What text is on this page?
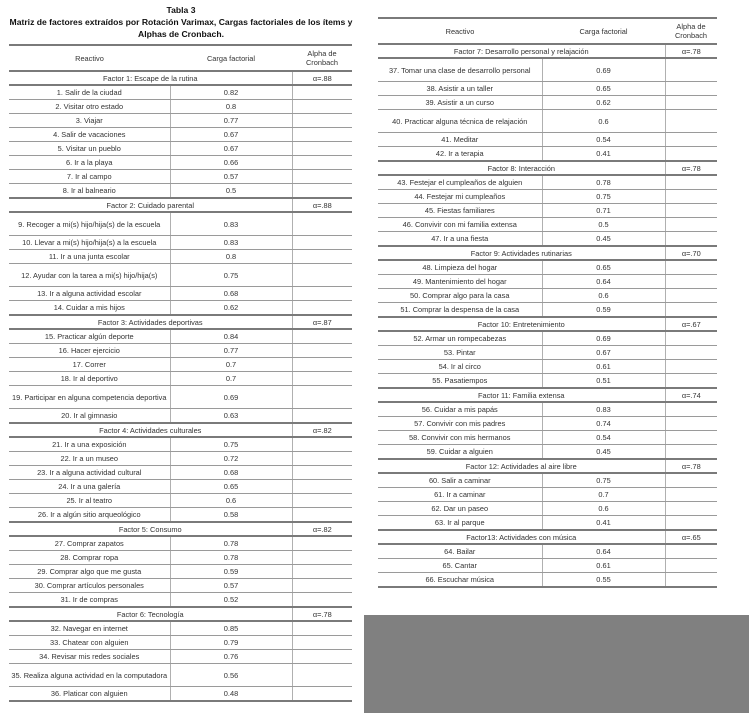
Tabla 3
Matriz de factores extraídos por Rotación Varimax, Cargas factoriales de los ítems y
Alphas de Cronbach.
Reactivo	Carga factorial	Alpha de Cronbach
Factor 1: Escape de la rutina		α=.88
1. Salir de la ciudad	0.82	
2. Visitar otro estado	0.8	
3. Viajar	0.77	
4. Salir de vacaciones	0.67	
5. Visitar un pueblo	0.67	
6. Ir a la playa	0.66	
7. Ir al campo	0.57	
8. Ir al balneario	0.5	
Factor 2: Cuidado parental		α=.88
9. Recoger a mi(s) hijo/hija(s) de la escuela	0.83	
10. Llevar a mi(s) hijo/hija(s) a la escuela	0.83	
11. Ir a una junta escolar	0.8	
12. Ayudar con la tarea a mi(s) hijo/hija(s)	0.75	
13. Ir a alguna actividad escolar	0.68	
14. Cuidar a mis hijos	0.62	
Factor 3: Actividades deportivas		α=.87
15. Practicar algún deporte	0.84	
16. Hacer ejercicio	0.77	
17. Correr	0.7	
18. Ir al deportivo	0.7	
19. Participar en alguna competencia deportiva	0.69	
20. Ir al gimnasio	0.63	
Factor 4: Actividades culturales		α=.82
21. Ir a una exposición	0.75	
22. Ir a un museo	0.72	
23. Ir a alguna actividad cultural	0.68	
24. Ir a una galería	0.65	
25. Ir al teatro	0.6	
26. Ir a algún sitio arqueológico	0.58	
Factor 5: Consumo		α=.82
27. Comprar zapatos	0.78	
28. Comprar ropa	0.78	
29. Comprar algo que me gusta	0.59	
30. Comprar artículos personales	0.57	
31. Ir de compras	0.52	
Factor 6: Tecnología		α=.78
32. Navegar en internet	0.85	
33. Chatear con alguien	0.79	
34. Revisar mis redes sociales	0.76	
35. Realiza alguna actividad en la computadora	0.56	
36. Platicar con alguien	0.48	
Reactivo	Carga factorial	Alpha de Cronbach
Factor 7: Desarrollo personal y relajación		α=.78
37. Tomar una clase de desarrollo personal	0.69	
38. Asistir a un taller	0.65	
39. Asistir a un curso	0.62	
40. Practicar alguna técnica de relajación	0.6	
41. Meditar	0.54	
42. Ir a terapia	0.41	
Factor 8: Interacción		α=.78
43. Festejar el cumpleaños de alguien	0.78	
44. Festejar mi cumpleaños	0.75	
45. Fiestas familiares	0.71	
46. Convivir con mi familia extensa	0.5	
47. Ir a una fiesta	0.45	
Factor 9: Actividades rutinarias		α=.70
48. Limpieza del hogar	0.65	
49. Mantenimiento del hogar	0.64	
50. Comprar algo para la casa	0.6	
51. Comprar la despensa de la casa	0.59	
Factor 10: Entretenimiento		α=.67
52. Armar un rompecabezas	0.69	
53. Pintar	0.67	
54. Ir al circo	0.61	
55. Pasatiempos	0.51	
Factor 11: Familia extensa		α=.74
56. Cuidar a mis papás	0.83	
57. Convivir con mis padres	0.74	
58. Convivir con mis hermanos	0.54	
59. Cuidar a alguien	0.45	
Factor 12: Actividades al aire libre		α=.78
60. Salir a caminar	0.75	
61. Ir a caminar	0.7	
62. Dar un paseo	0.6	
63. Ir al parque	0.41	
Factor13: Actividades con música		α=.65
64. Bailar	0.64	
65. Cantar	0.61	
66. Escuchar música	0.55	
